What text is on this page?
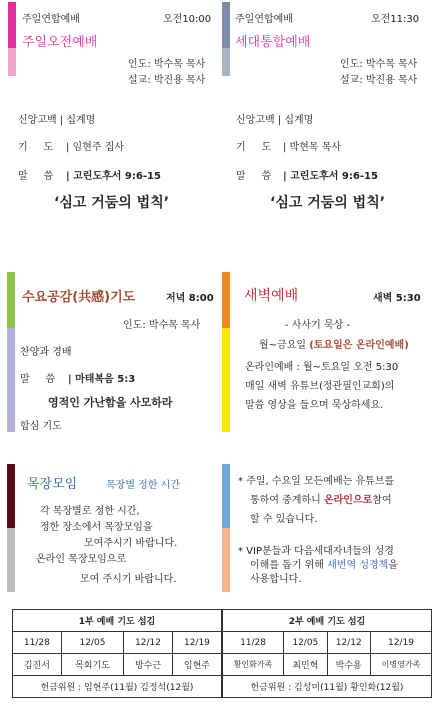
주일연합예배	오전10:00
주일오전예배
인도: 박수목 목사
설교: 박진용 목사
신앙고백 | 십계명
기     도 | 임현주 집사
말     씀 | 고린도후서 9:6-15
‘심고 거둠의 법칙’
주일연합예배	오전11:30
세대통합예배
인도: 박수목 목사
설교: 박진용 목사
신앙고백 | 십계명
기     도 | 박현목 목사
말     씀 | 고린도후서 9:6-15
‘심고 거둠의 법칙’
수요공감(共感)기도	저녁 8:00
인도: 박수목 목사
찬양과 경배
말     씀 | 마태복음 5:3
영적인 가난함을 사모하라
합심 기도
새벽예배	새벽 5:30
- 사사기 묵상 -
월~금요일 (토요일은 온라인예배)
온라인예배 : 월~토요일 오전 5:30
매일 새벽 유튜브(정관필인교회)의
말씀 영상을 들으며 묵상하세요.
목장모임	목장별 정한 시간
각 목장별로 정한 시간,
정한 장소에서 목장모임을
모여주시기 바랍니다.
온라인 목장모임으로
모여 주시기 바랍니다.
* 주일, 수요일 모든예배는 유튜브를
통하여 중계하니 온라인으로참여
할 수 있습니다.
* VIP분들과 다음세대자녀들의 성경
이해를 돕기 위해 새번역 성경책을
사용합니다.
1부 예배 기도 섬김				2부 예배 기도 섬김			
11/28	12/05	12/12	12/19	11/28	12/05	12/12	12/19
김진서	목회기도	방수근	임현주	황인화가족	최민혁	박수용	이병영가족
헌금위원 : 임현주(11월) 김정석(12월)				헌금위원 : 김성미(11월) 황인화(12월)			
